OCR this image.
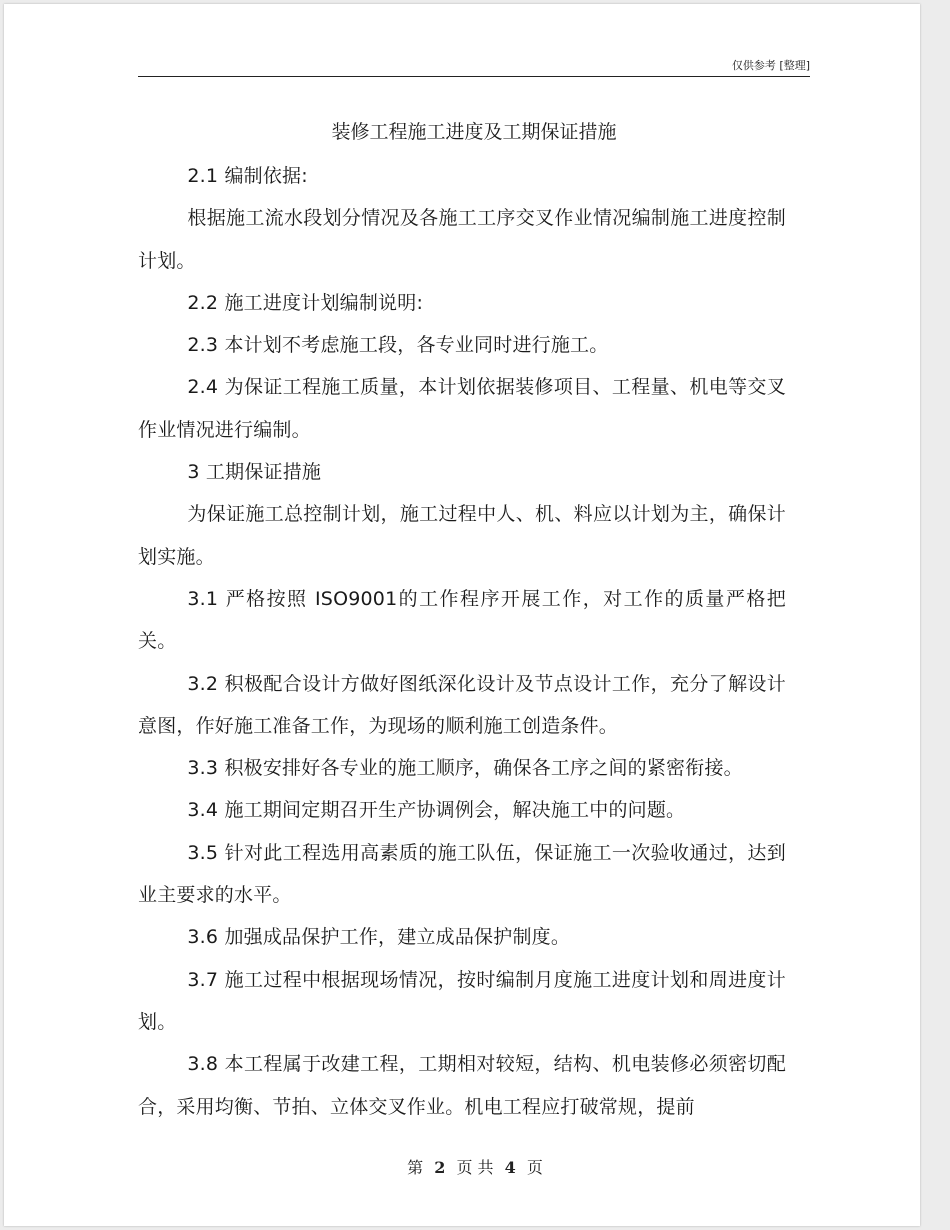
仅供参考 [整理]
装修工程施工进度及工期保证措施

2.1 编制依据:

根据施工流水段划分情况及各施工工序交叉作业情况编制施工进度控制计划。

2.2 施工进度计划编制说明:

2.3 本计划不考虑施工段，各专业同时进行施工。

2.4 为保证工程施工质量，本计划依据装修项目、工程量、机电等交叉作业情况进行编制。

3 工期保证措施

为保证施工总控制计划，施工过程中人、机、料应以计划为主，确保计划实施。

3.1 严格按照 ISO9001的工作程序开展工作，对工作的质量严格把关。

3.2 积极配合设计方做好图纸深化设计及节点设计工作，充分了解设计意图，作好施工准备工作，为现场的顺利施工创造条件。

3.3 积极安排好各专业的施工顺序，确保各工序之间的紧密衔接。

3.4 施工期间定期召开生产协调例会，解决施工中的问题。

3.5 针对此工程选用高素质的施工队伍，保证施工一次验收通过，达到业主要求的水平。

3.6 加强成品保护工作，建立成品保护制度。

3.7 施工过程中根据现场情况，按时编制月度施工进度计划和周进度计划。

3.8 本工程属于改建工程，工期相对较短，结构、机电装修必须密切配合，采用均衡、节拍、立体交叉作业。机电工程应打破常规，提前

第 2 页 共 4 页
